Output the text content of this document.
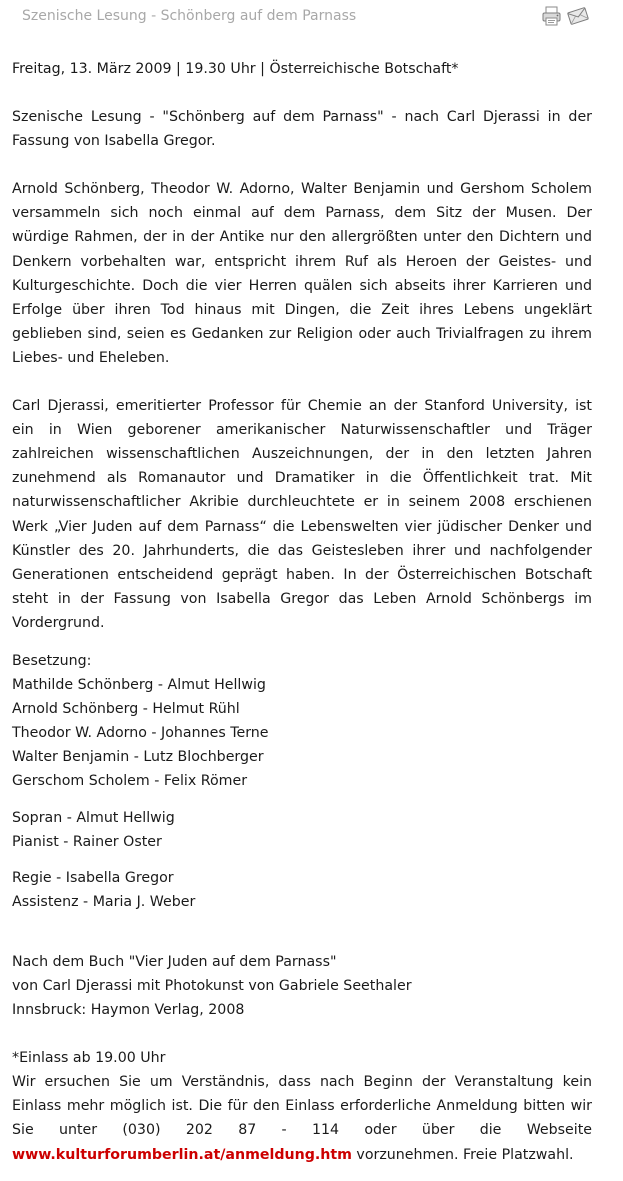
Szenische Lesung - Schönberg auf dem Parnass

Freitag, 13. März 2009 | 19.30 Uhr | Österreichische Botschaft*

Szenische Lesung - "Schönberg auf dem Parnass" - nach Carl Djerassi in der Fassung von Isabella Gregor.

Arnold Schönberg, Theodor W. Adorno, Walter Benjamin und Gershom Scholem versammeln sich noch einmal auf dem Parnass, dem Sitz der Musen. Der würdige Rahmen, der in der Antike nur den allergrößten unter den Dichtern und Denkern vorbehalten war, entspricht ihrem Ruf als Heroen der Geistes- und Kulturgeschichte. Doch die vier Herren quälen sich abseits ihrer Karrieren und Erfolge über ihren Tod hinaus mit Dingen, die Zeit ihres Lebens ungeklärt geblieben sind, seien es Gedanken zur Religion oder auch Trivialfragen zu ihrem Liebes- und Eheleben.

Carl Djerassi, emeritierter Professor für Chemie an der Stanford University, ist ein in Wien geborener amerikanischer Naturwissenschaftler und Träger zahlreichen wissenschaftlichen Auszeichnungen, der in den letzten Jahren zunehmend als Romanautor und Dramatiker in die Öffentlichkeit trat. Mit naturwissenschaftlicher Akribie durchleuchtete er in seinem 2008 erschienen Werk „Vier Juden auf dem Parnass“ die Lebenswelten vier jüdischer Denker und Künstler des 20. Jahrhunderts, die das Geistesleben ihrer und nachfolgender Generationen entscheidend geprägt haben. In der Österreichischen Botschaft steht in der Fassung von Isabella Gregor das Leben Arnold Schönbergs im Vordergrund.

Besetzung:
Mathilde Schönberg - Almut Hellwig
Arnold Schönberg - Helmut Rühl
Theodor W. Adorno - Johannes Terne
Walter Benjamin - Lutz Blochberger
Gerschom Scholem - Felix Römer
Sopran - Almut Hellwig
Pianist - Rainer Oster
Regie - Isabella Gregor
Assistenz - Maria J. Weber
Nach dem Buch "Vier Juden auf dem Parnass"
von Carl Djerassi mit Photokunst von Gabriele Seethaler
Innsbruck: Haymon Verlag, 2008
*Einlass ab 19.00 Uhr

Wir ersuchen Sie um Verständnis, dass nach Beginn der Veranstaltung kein Einlass mehr möglich ist. Die für den Einlass erforderliche Anmeldung bitten wir Sie unter (030) 202 87 - 114 oder über die Webseite www.kulturforumberlin.at/anmeldung.htm vorzunehmen. Freie Platzwahl.
